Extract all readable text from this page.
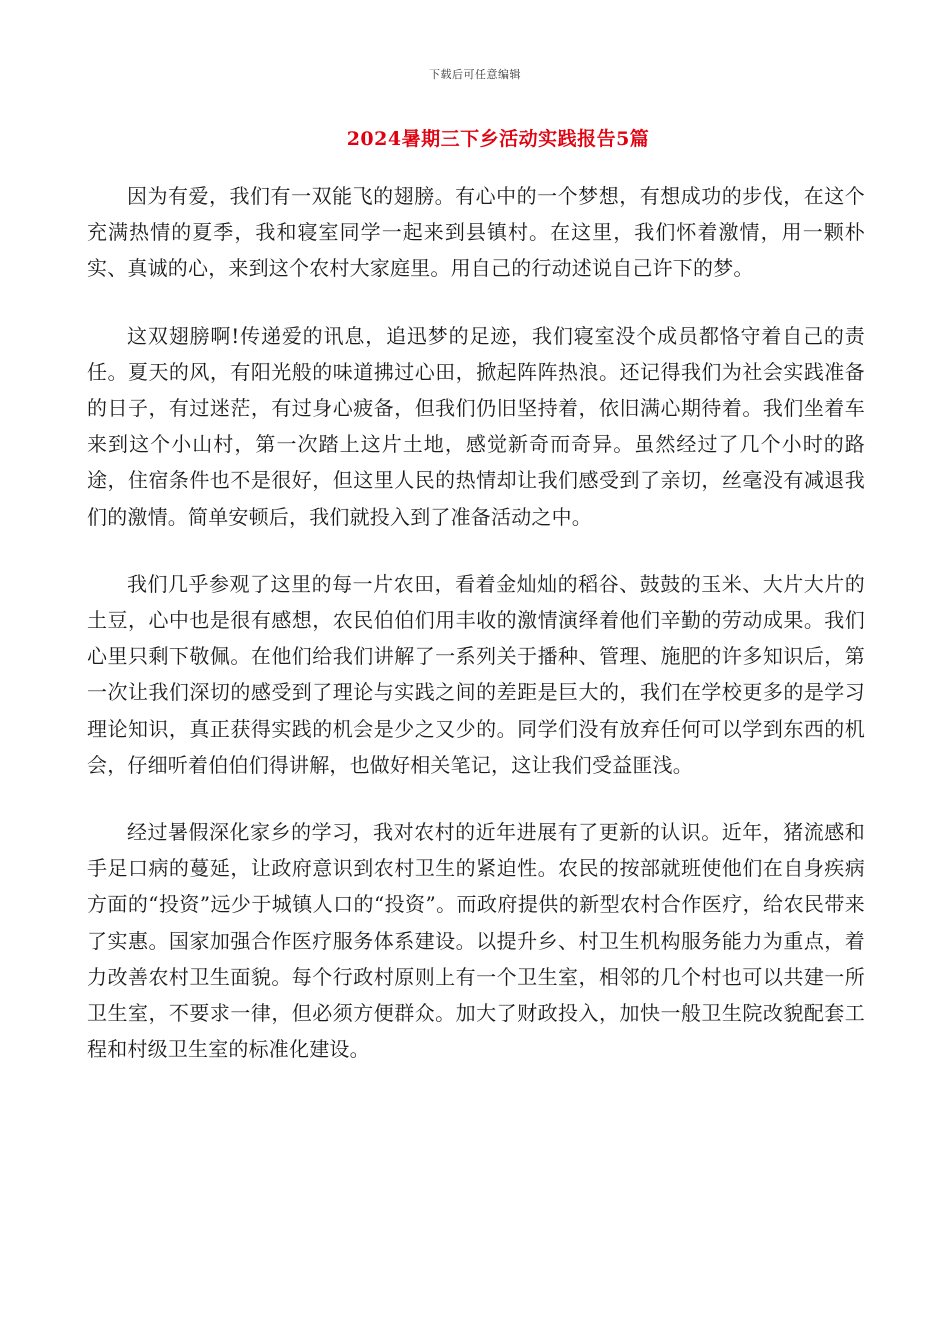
下载后可任意编辑
2024暑期三下乡活动实践报告5篇

因为有爱，我们有一双能飞的翅膀。有心中的一个梦想，有想成功的步伐，在这个充满热情的夏季，我和寝室同学一起来到县镇村。在这里，我们怀着激情，用一颗朴实、真诚的心，来到这个农村大家庭里。用自己的行动述说自己许下的梦。

这双翅膀啊!传递爱的讯息，追迅梦的足迹，我们寝室没个成员都恪守着自己的责任。夏天的风，有阳光般的味道拂过心田，掀起阵阵热浪。还记得我们为社会实践准备的日子，有过迷茫，有过身心疲备，但我们仍旧坚持着，依旧满心期待着。我们坐着车来到这个小山村，第一次踏上这片土地，感觉新奇而奇异。虽然经过了几个小时的路途，住宿条件也不是很好，但这里人民的热情却让我们感受到了亲切，丝毫没有减退我们的激情。简单安顿后，我们就投入到了准备活动之中。

我们几乎参观了这里的每一片农田，看着金灿灿的稻谷、鼓鼓的玉米、大片大片的土豆，心中也是很有感想，农民伯伯们用丰收的激情演绎着他们辛勤的劳动成果。我们心里只剩下敬佩。在他们给我们讲解了一系列关于播种、管理、施肥的许多知识后，第一次让我们深切的感受到了理论与实践之间的差距是巨大的，我们在学校更多的是学习理论知识，真正获得实践的机会是少之又少的。同学们没有放弃任何可以学到东西的机会，仔细听着伯伯们得讲解，也做好相关笔记，这让我们受益匪浅。

经过暑假深化家乡的学习，我对农村的近年进展有了更新的认识。近年，猪流感和手足口病的蔓延，让政府意识到农村卫生的紧迫性。农民的按部就班使他们在自身疾病方面的“投资”远少于城镇人口的“投资”。而政府提供的新型农村合作医疗，给农民带来了实惠。国家加强合作医疗服务体系建设。以提升乡、村卫生机构服务能力为重点，着力改善农村卫生面貌。每个行政村原则上有一个卫生室，相邻的几个村也可以共建一所卫生室，不要求一律，但必须方便群众。加大了财政投入，加快一般卫生院改貌配套工程和村级卫生室的标准化建设。
